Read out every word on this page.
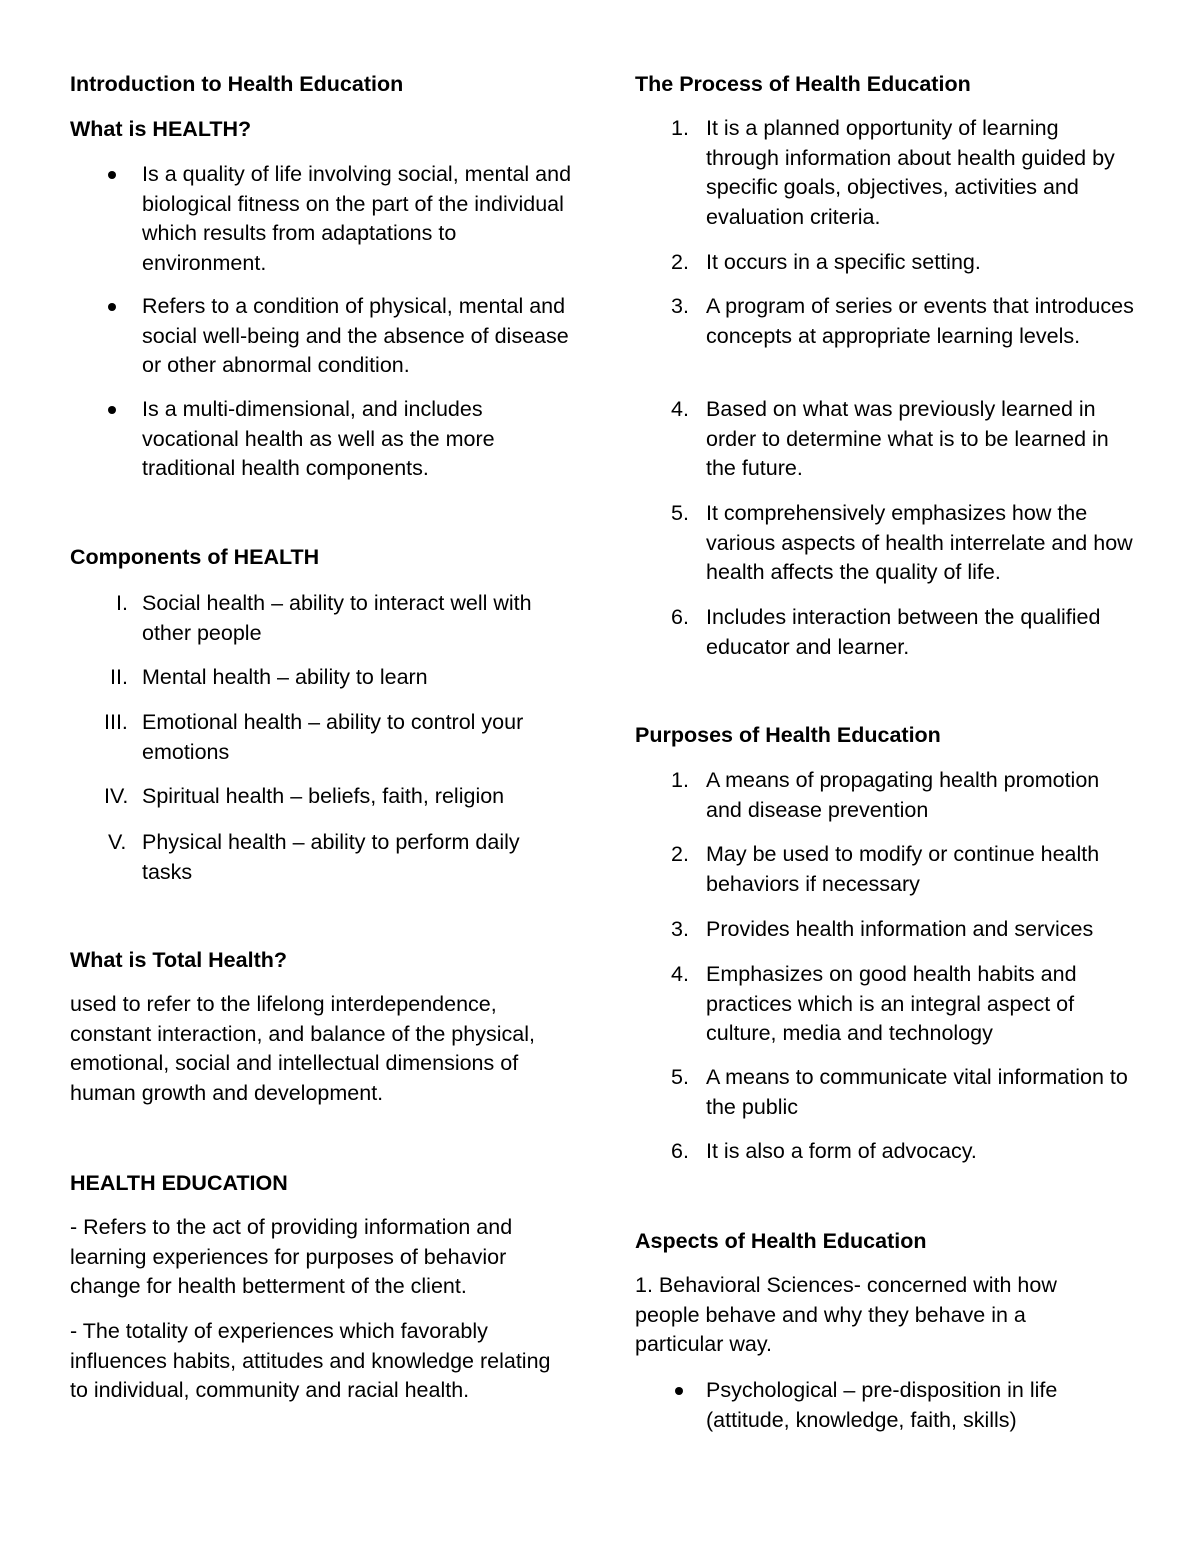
Introduction to Health Education
What is HEALTH?
Is a quality of life involving social, mental and biological fitness on the part of the individual which results from adaptations to environment.
Refers to a condition of physical, mental and social well-being and the absence of disease or other abnormal condition.
Is a multi-dimensional, and includes vocational health as well as the more traditional health components.
Components of HEALTH
I. Social health – ability to interact well with other people
II. Mental health – ability to learn
III. Emotional health – ability to control your emotions
IV. Spiritual health – beliefs, faith, religion
V. Physical health – ability to perform daily tasks
What is Total Health?
used to refer to the lifelong interdependence, constant interaction, and balance of the physical, emotional, social and intellectual dimensions of human growth and development.
HEALTH EDUCATION
- Refers to the act of providing information and learning experiences for purposes of behavior change for health betterment of the client.
- The totality of experiences which favorably influences habits, attitudes and knowledge relating to individual, community and racial health.
The Process of Health Education
1. It is a planned opportunity of learning through information about health guided by specific goals, objectives, activities and evaluation criteria.
2. It occurs in a specific setting.
3. A program of series or events that introduces concepts at appropriate learning levels.
4. Based on what was previously learned in order to determine what is to be learned in the future.
5. It comprehensively emphasizes how the various aspects of health interrelate and how health affects the quality of life.
6. Includes interaction between the qualified educator and learner.
Purposes of Health Education
1. A means of propagating health promotion and disease prevention
2. May be used to modify or continue health behaviors if necessary
3. Provides health information and services
4. Emphasizes on good health habits and practices which is an integral aspect of culture, media and technology
5. A means to communicate vital information to the public
6. It is also a form of advocacy.
Aspects of Health Education
1. Behavioral Sciences- concerned with how people behave and why they behave in a particular way.
Psychological – pre-disposition in life (attitude, knowledge, faith, skills)
